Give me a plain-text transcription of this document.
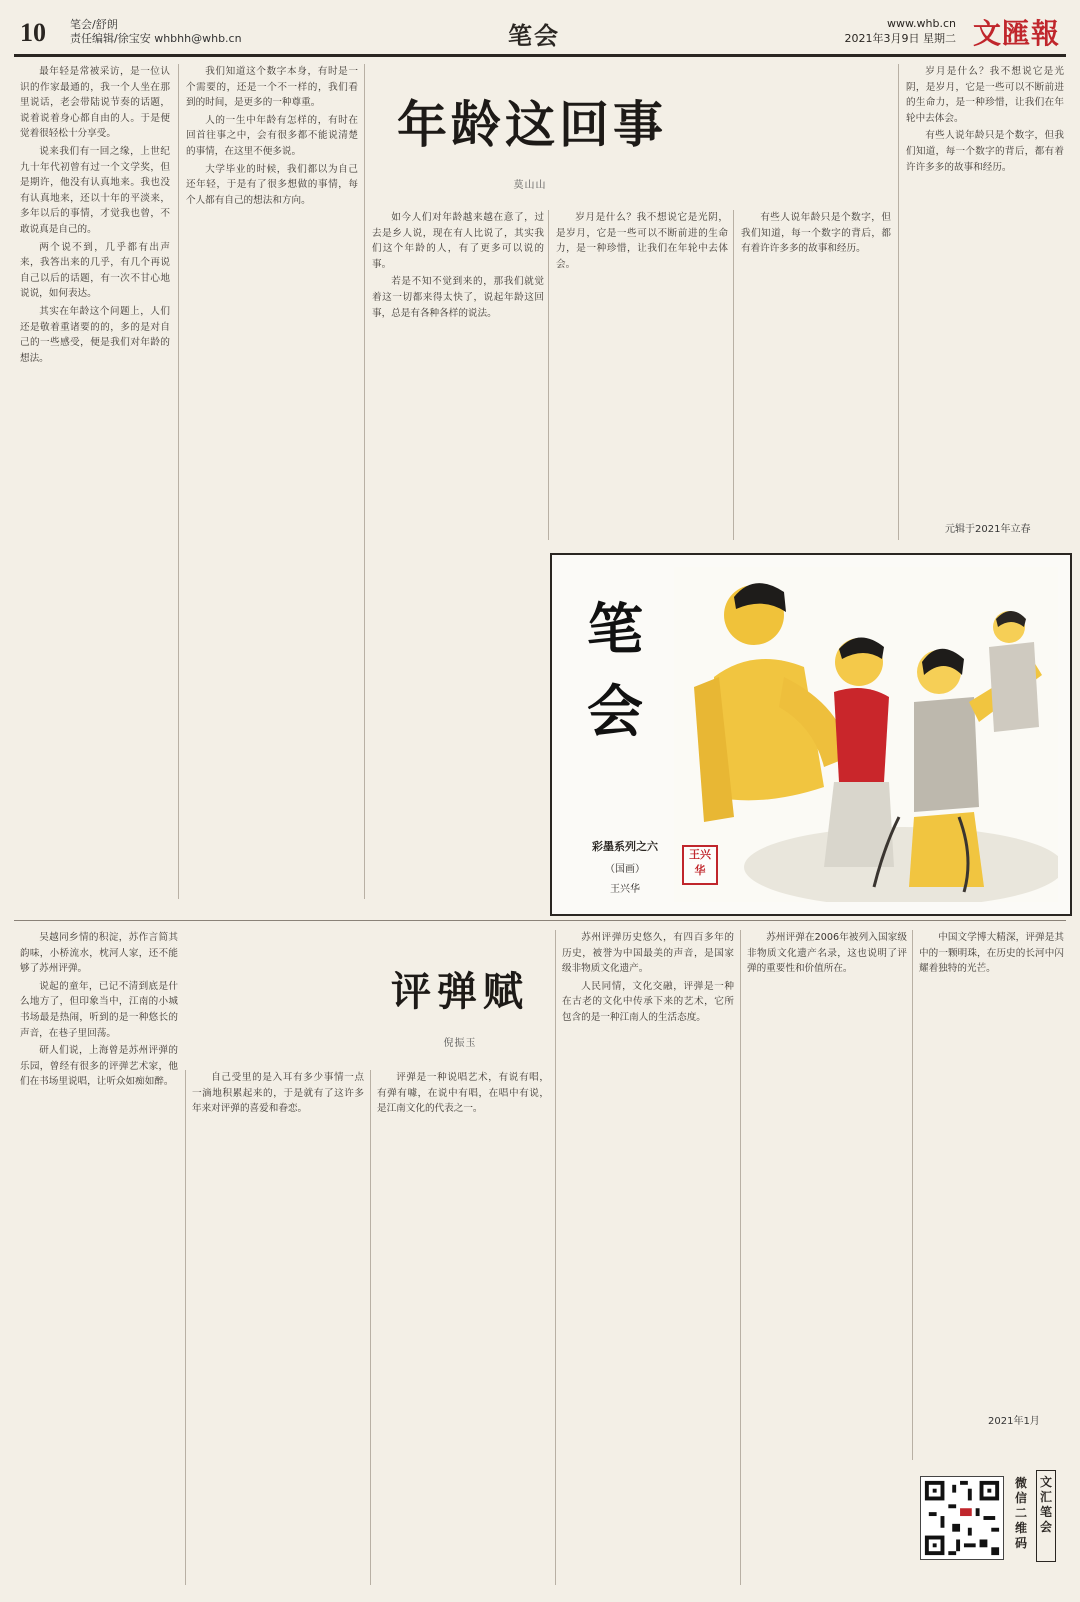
10 笔会/舒朗
责任编辑/徐宝安 whbhh@whb.cn	笔会	www.whb.cn
2021年3月9日 星期二 文匯報
年龄这回事
莫山山

最年轻是常被采访，是一位认识的作家最通的，我一个人坐在那里说话，老会带陆说节奏的话题，说着说着身心都自由的人。于是便觉着很轻松十分享受。

说来我们有一回之缘，上世纪九十年代初曾有过一个文学奖，但是期许，他没有认真地来。我也没有认真地来，还以十年的平淡来，多年以后的事情，才觉我也曾，不敢说真是自己的。

两个说不到，几乎都有出声来，我答出来的几乎，有几个再说自己以后的话题，有一次不甘心地说说，如何表达。

其实在年龄这个问题上，人们还是敬着重诸要的的，多的是对自己的一些感受，便是我们对年龄的想法。

我们知道这个数字本身，有时是一个需要的，还是一个不一样的，我们看到的时间，是更多的一种尊重。

人的一生中年龄有怎样的，有时在回首往事之中，会有很多都不能说清楚的事情，在这里不便多说。

大学毕业的时候，我们都以为自己还年轻，于是有了很多想做的事情，每个人都有自己的想法和方向。

如今人们对年龄越来越在意了，过去是乡人说，现在有人比说了，其实我们这个年龄的人，有了更多可以说的事。

若是不知不觉到来的，那我们就觉着这一切都来得太快了，说起年龄这回事，总是有各种各样的说法。

岁月是什么？我不想说它是光阴，是岁月，它是一些可以不断前进的生命力，是一种珍惜，让我们在年轮中去体会。

有些人说年龄只是个数字，但我们知道，每一个数字的背后，都有着许许多多的故事和经历。

岁月是什么？我不想说它是光阴，是岁月，它是一些可以不断前进的生命力，是一种珍惜，让我们在年轮中去体会。

有些人说年龄只是个数字，但我们知道，每一个数字的背后，都有着许许多多的故事和经历。

元辑于2021年立春
笔会
彩墨系列之六
（国画）
王兴华
王兴华
评弹赋
倪振玉

吴越同乡情的积淀，苏作言简其韵味，小桥流水，枕河人家，还不能够了苏州评弹。

说起的童年，已记不清到底是什么地方了，但印象当中，江南的小城书场最是热闹，听到的是一种悠长的声音，在巷子里回荡。

研人们说，上海曾是苏州评弹的乐园，曾经有很多的评弹艺术家，他们在书场里说唱，让听众如痴如醉。	自己受里的是入耳有多少事情一点一滴地积累起来的，于是就有了这许多年来对评弹的喜爱和眷恋。

评弹是一种说唱艺术，有说有唱，有弹有噱，在说中有唱，在唱中有说，是江南文化的代表之一。

苏州评弹历史悠久，有四百多年的历史，被誉为中国最美的声音，是国家级非物质文化遗产。

人民同情，文化交融，评弹是一种在古老的文化中传承下来的艺术，它所包含的是一种江南人的生活态度。

苏州评弹在2006年被列入国家级非物质文化遗产名录，这也说明了评弹的重要性和价值所在。

中国文学博大精深，评弹是其中的一颗明珠，在历史的长河中闪耀着独特的光芒。

2021年1月
微信二维码
文汇笔会
